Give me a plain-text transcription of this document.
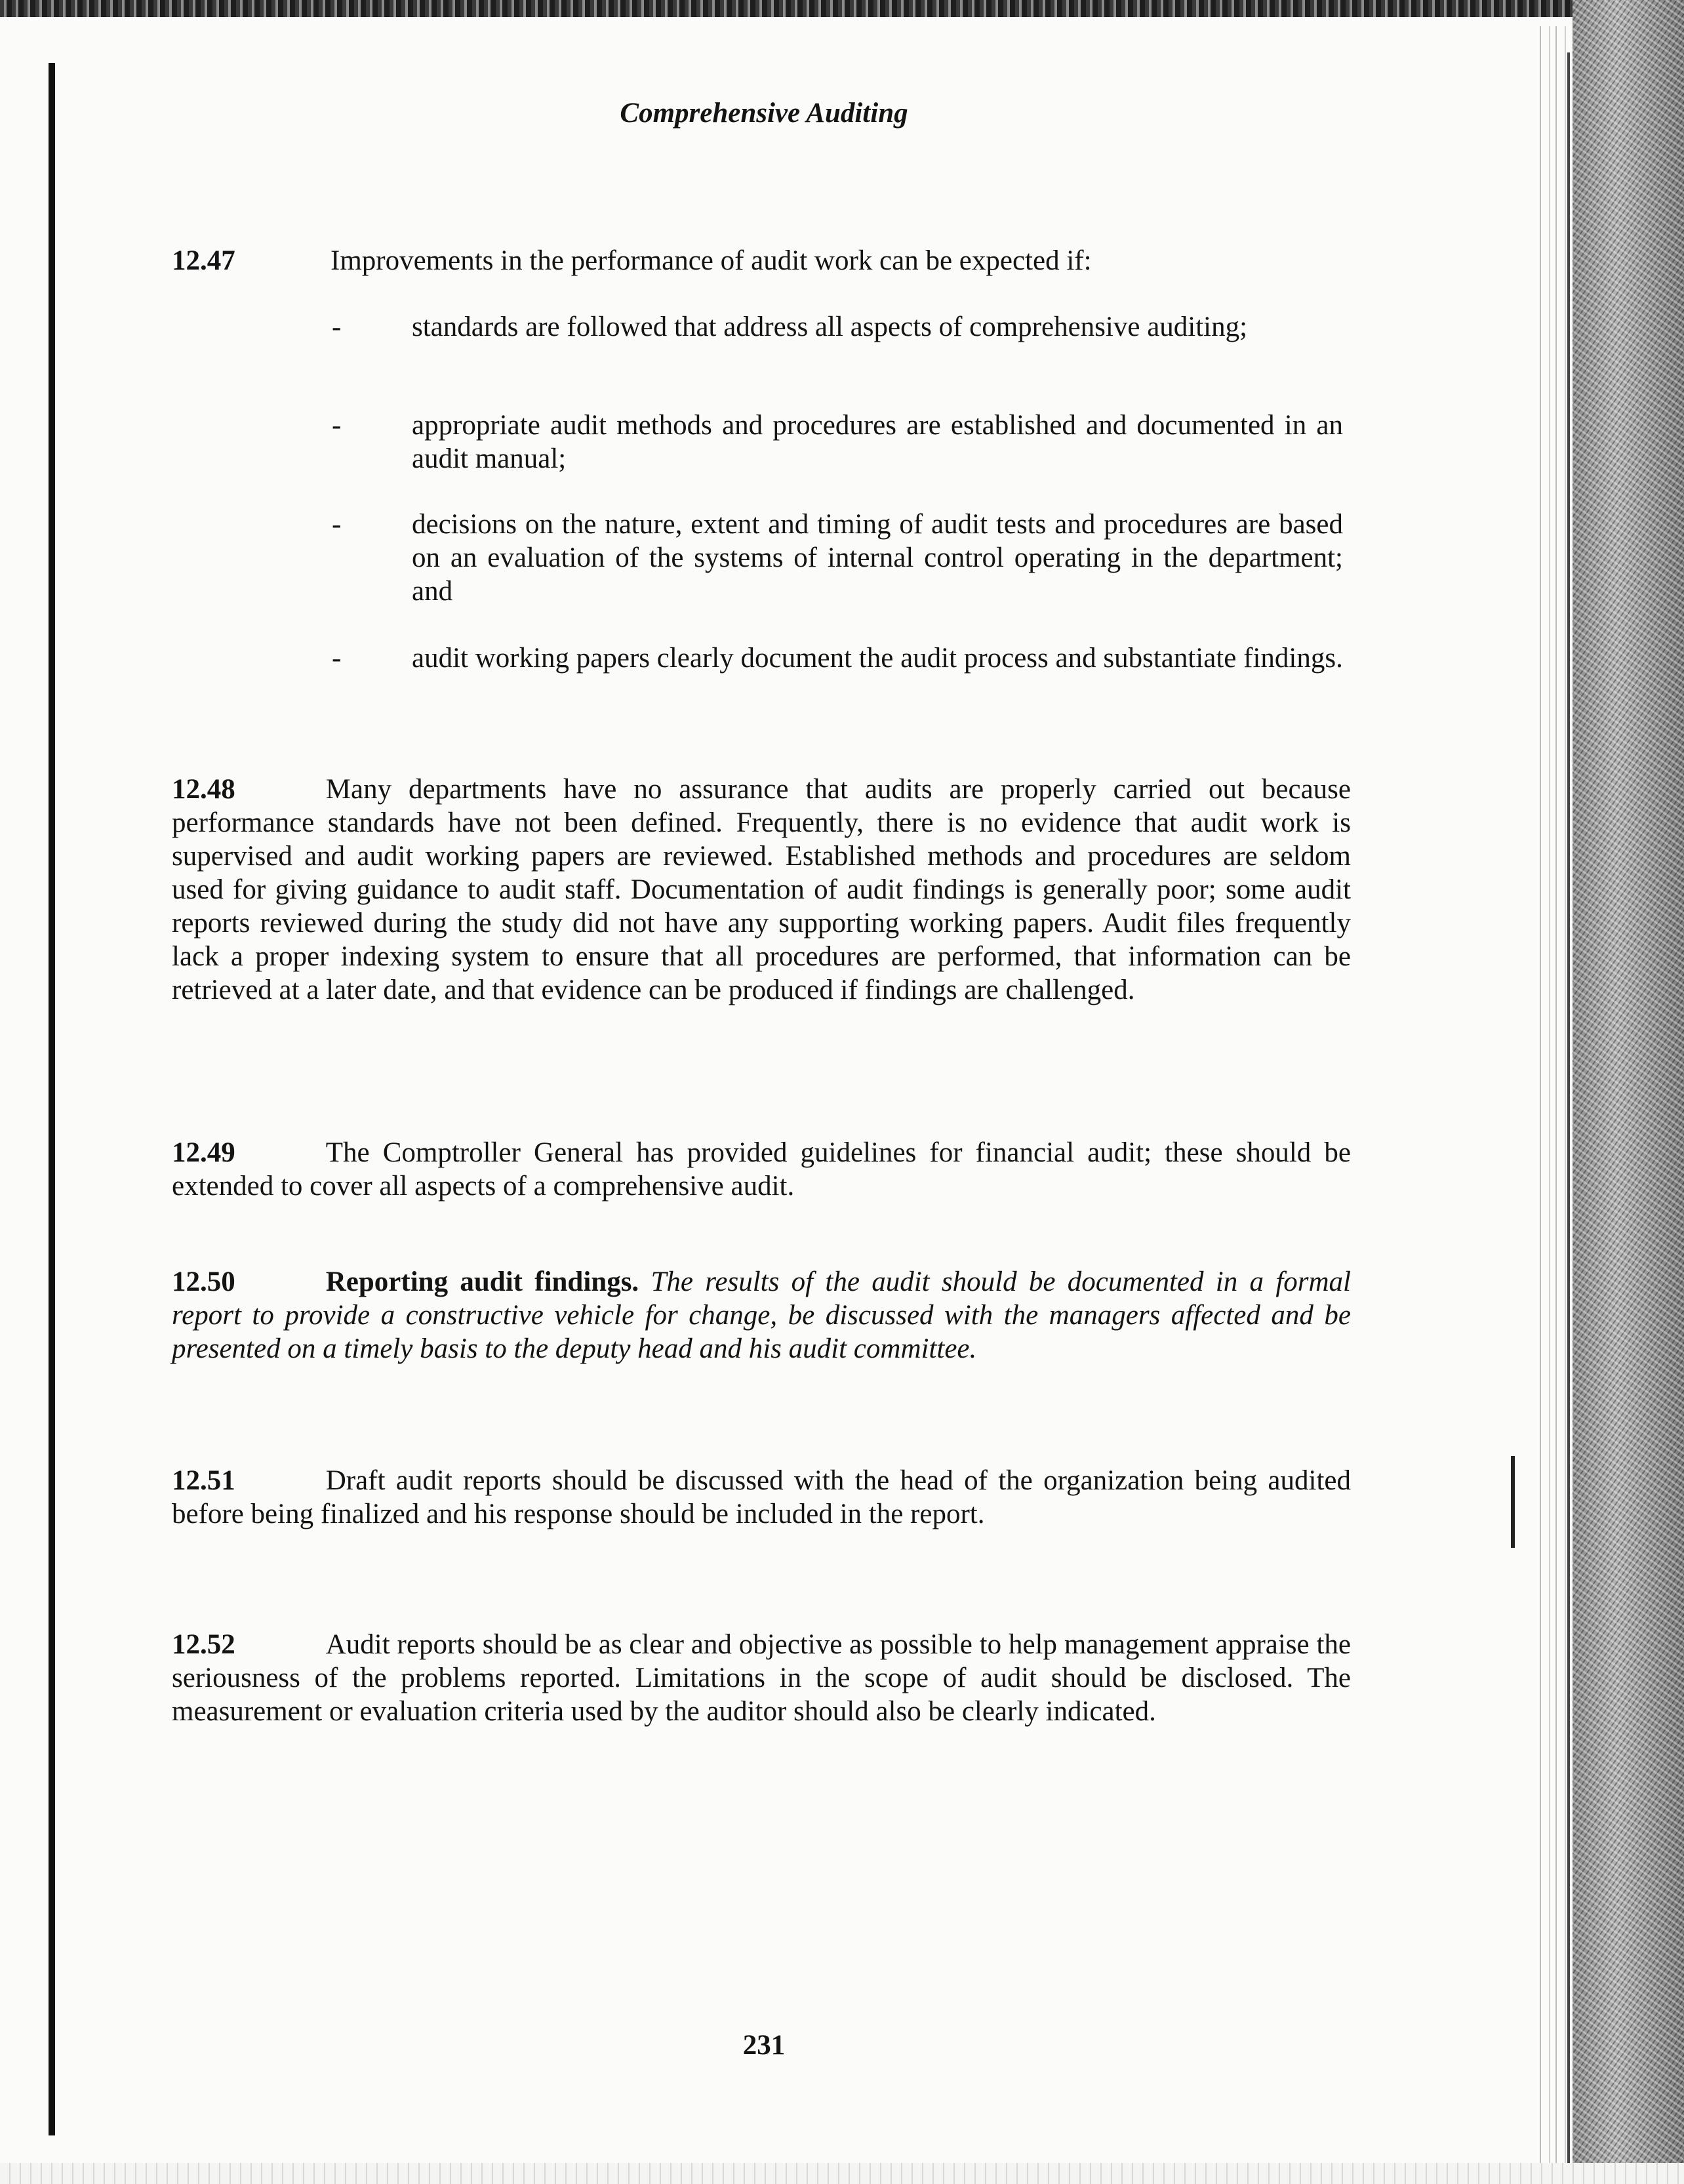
Comprehensive Auditing
12.47	Improvements in the performance of audit work can be expected if:
-	standards are followed that address all aspects of comprehensive auditing;
-	appropriate audit methods and procedures are established and documented in an audit manual;
-	decisions on the nature, extent and timing of audit tests and procedures are based on an evaluation of the systems of internal control operating in the department; and
-	audit working papers clearly document the audit process and substantiate findings.

12.48	Many departments have no assurance that audits are properly carried out because performance standards have not been defined. Frequently, there is no evidence that audit work is supervised and audit working papers are reviewed. Established methods and procedures are seldom used for giving guidance to audit staff. Documentation of audit findings is generally poor; some audit reports reviewed during the study did not have any supporting working papers. Audit files frequently lack a proper indexing system to ensure that all procedures are performed, that information can be retrieved at a later date, and that evidence can be produced if findings are challenged.

12.49	The Comptroller General has provided guidelines for financial audit; these should be extended to cover all aspects of a comprehensive audit.

12.50	Reporting audit findings. The results of the audit should be documented in a formal report to provide a constructive vehicle for change, be discussed with the managers affected and be presented on a timely basis to the deputy head and his audit committee.

12.51	Draft audit reports should be discussed with the head of the organization being audited before being finalized and his response should be included in the report.

12.52	Audit reports should be as clear and objective as possible to help management appraise the seriousness of the problems reported. Limitations in the scope of audit should be disclosed. The measurement or evaluation criteria used by the auditor should also be clearly indicated.

231
